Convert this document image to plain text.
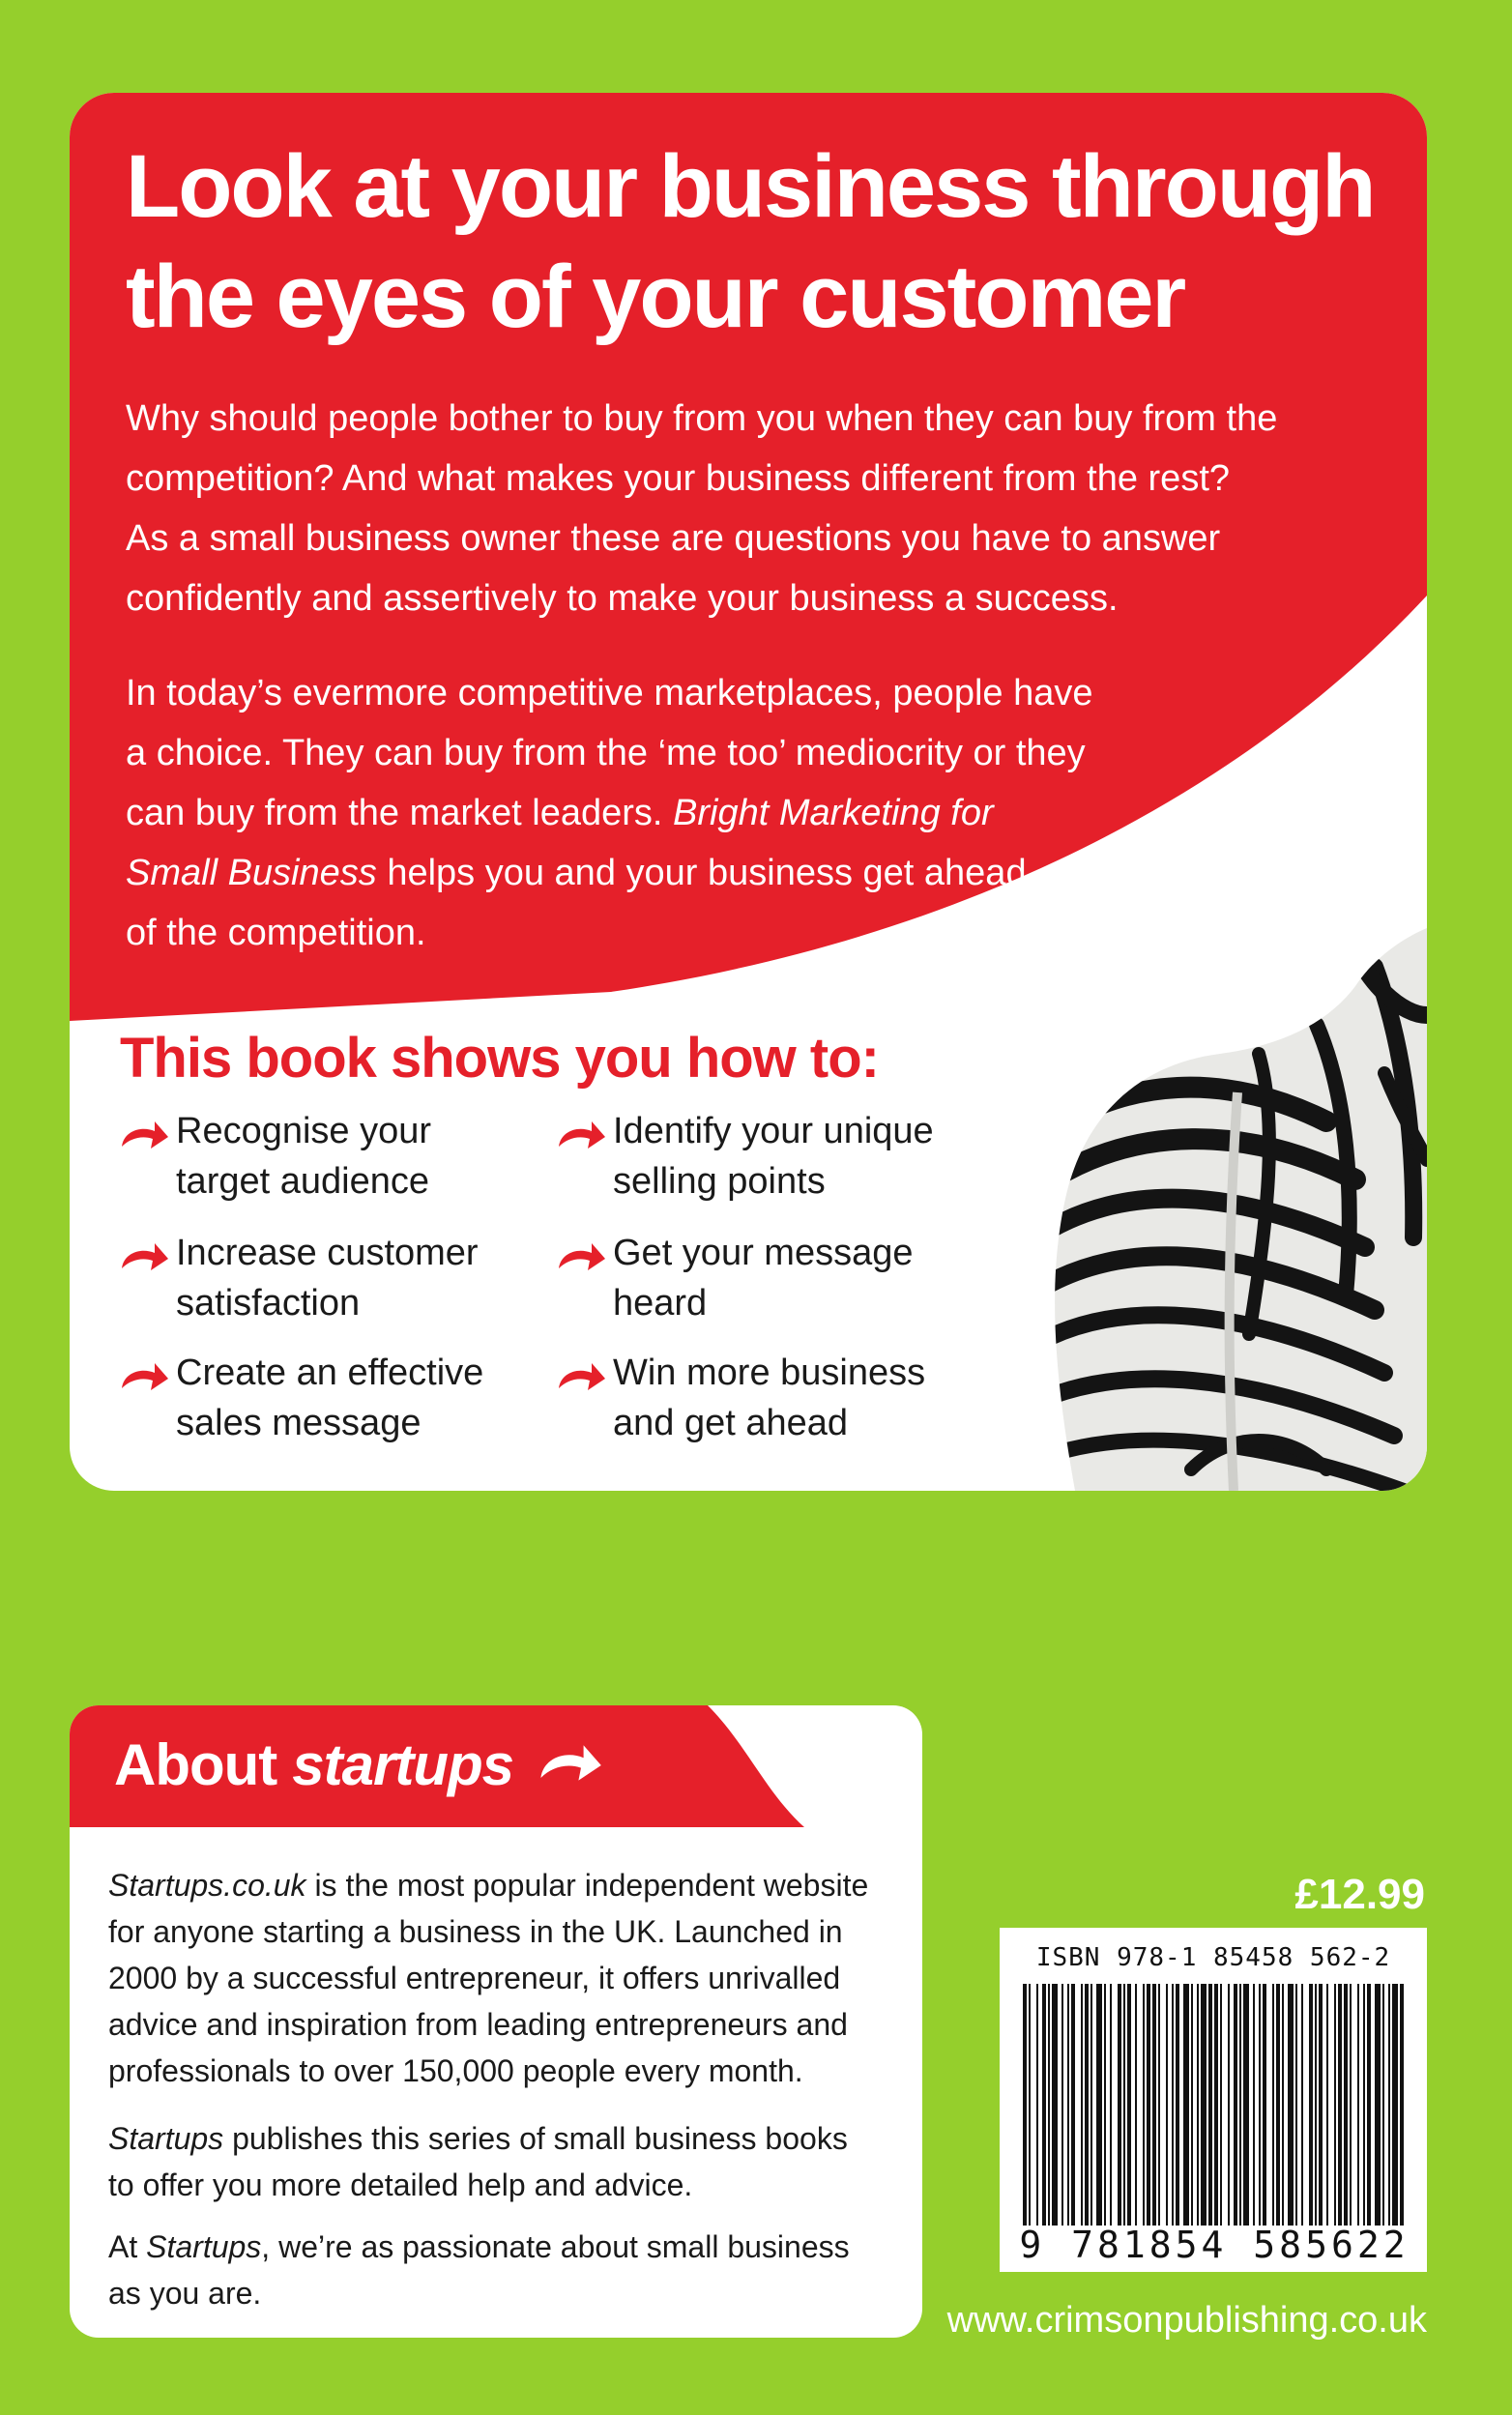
Look at your business through
the eyes of your customer

Why should people bother to buy from you when they can buy from the
competition? And what makes your business different from the rest?
As a small business owner these are questions you have to answer
confidently and assertively to make your business a success.

In today’s evermore competitive marketplaces, people have
a choice. They can buy from the ‘me too’ mediocrity or they
can buy from the market leaders. Bright Marketing for
Small Business helps you and your business get ahead
of the competition.

This book shows you how to:
Recognise your
target audience
Identify your unique
selling points
Increase customer
satisfaction
Get your message
heard
Create an effective
sales message
Win more business
and get ahead
About startups

Startups.co.uk is the most popular independent website
for anyone starting a business in the UK. Launched in
2000 by a successful entrepreneur, it offers unrivalled
advice and inspiration from leading entrepreneurs and
professionals to over 150,000 people every month.

Startups publishes this series of small business books
to offer you more detailed help and advice.

At Startups, we’re as passionate about small business
as you are.

£12.99

ISBN 978-1 85458 562-2

9 781854 585622

www.crimsonpublishing.co.uk
